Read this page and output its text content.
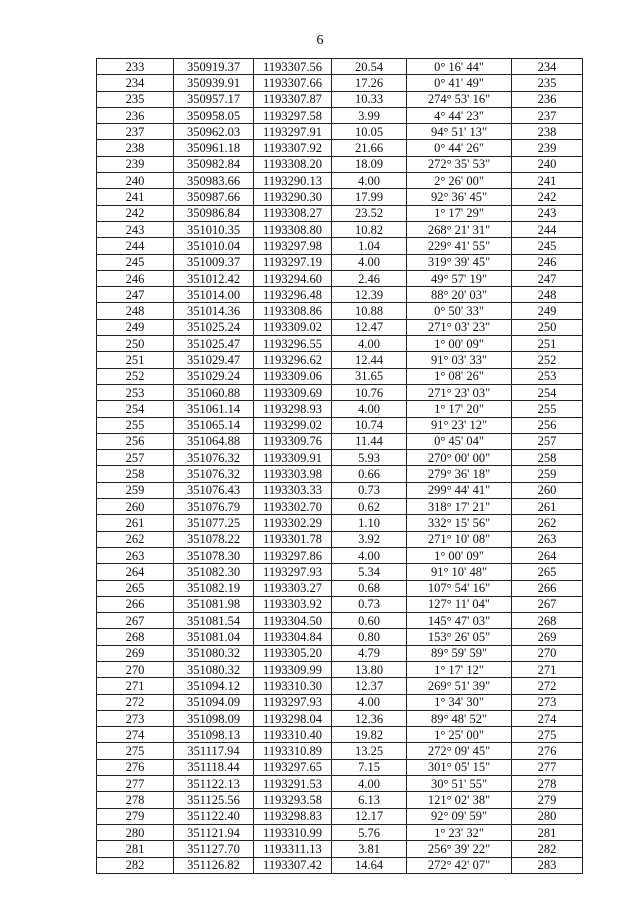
6
233	350919.37	1193307.56	20.54	0° 16' 44"	234
234	350939.91	1193307.66	17.26	0° 41' 49"	235
235	350957.17	1193307.87	10.33	274° 53' 16"	236
236	350958.05	1193297.58	3.99	4° 44' 23"	237
237	350962.03	1193297.91	10.05	94° 51' 13"	238
238	350961.18	1193307.92	21.66	0° 44' 26"	239
239	350982.84	1193308.20	18.09	272° 35' 53"	240
240	350983.66	1193290.13	4.00	2° 26' 00"	241
241	350987.66	1193290.30	17.99	92° 36' 45"	242
242	350986.84	1193308.27	23.52	1° 17' 29"	243
243	351010.35	1193308.80	10.82	268° 21' 31"	244
244	351010.04	1193297.98	1.04	229° 41' 55"	245
245	351009.37	1193297.19	4.00	319° 39' 45"	246
246	351012.42	1193294.60	2.46	49° 57' 19"	247
247	351014.00	1193296.48	12.39	88° 20' 03"	248
248	351014.36	1193308.86	10.88	0° 50' 33"	249
249	351025.24	1193309.02	12.47	271° 03' 23"	250
250	351025.47	1193296.55	4.00	1° 00' 09"	251
251	351029.47	1193296.62	12.44	91° 03' 33"	252
252	351029.24	1193309.06	31.65	1° 08' 26"	253
253	351060.88	1193309.69	10.76	271° 23' 03"	254
254	351061.14	1193298.93	4.00	1° 17' 20"	255
255	351065.14	1193299.02	10.74	91° 23' 12"	256
256	351064.88	1193309.76	11.44	0° 45' 04"	257
257	351076.32	1193309.91	5.93	270° 00' 00"	258
258	351076.32	1193303.98	0.66	279° 36' 18"	259
259	351076.43	1193303.33	0.73	299° 44' 41"	260
260	351076.79	1193302.70	0.62	318° 17' 21"	261
261	351077.25	1193302.29	1.10	332° 15' 56"	262
262	351078.22	1193301.78	3.92	271° 10' 08"	263
263	351078.30	1193297.86	4.00	1° 00' 09"	264
264	351082.30	1193297.93	5.34	91° 10' 48"	265
265	351082.19	1193303.27	0.68	107° 54' 16"	266
266	351081.98	1193303.92	0.73	127° 11' 04"	267
267	351081.54	1193304.50	0.60	145° 47' 03"	268
268	351081.04	1193304.84	0.80	153° 26' 05"	269
269	351080.32	1193305.20	4.79	89° 59' 59"	270
270	351080.32	1193309.99	13.80	1° 17' 12"	271
271	351094.12	1193310.30	12.37	269° 51' 39"	272
272	351094.09	1193297.93	4.00	1° 34' 30"	273
273	351098.09	1193298.04	12.36	89° 48' 52"	274
274	351098.13	1193310.40	19.82	1° 25' 00"	275
275	351117.94	1193310.89	13.25	272° 09' 45"	276
276	351118.44	1193297.65	7.15	301° 05' 15"	277
277	351122.13	1193291.53	4.00	30° 51' 55"	278
278	351125.56	1193293.58	6.13	121° 02' 38"	279
279	351122.40	1193298.83	12.17	92° 09' 59"	280
280	351121.94	1193310.99	5.76	1° 23' 32"	281
281	351127.70	1193311.13	3.81	256° 39' 22"	282
282	351126.82	1193307.42	14.64	272° 42' 07"	283
